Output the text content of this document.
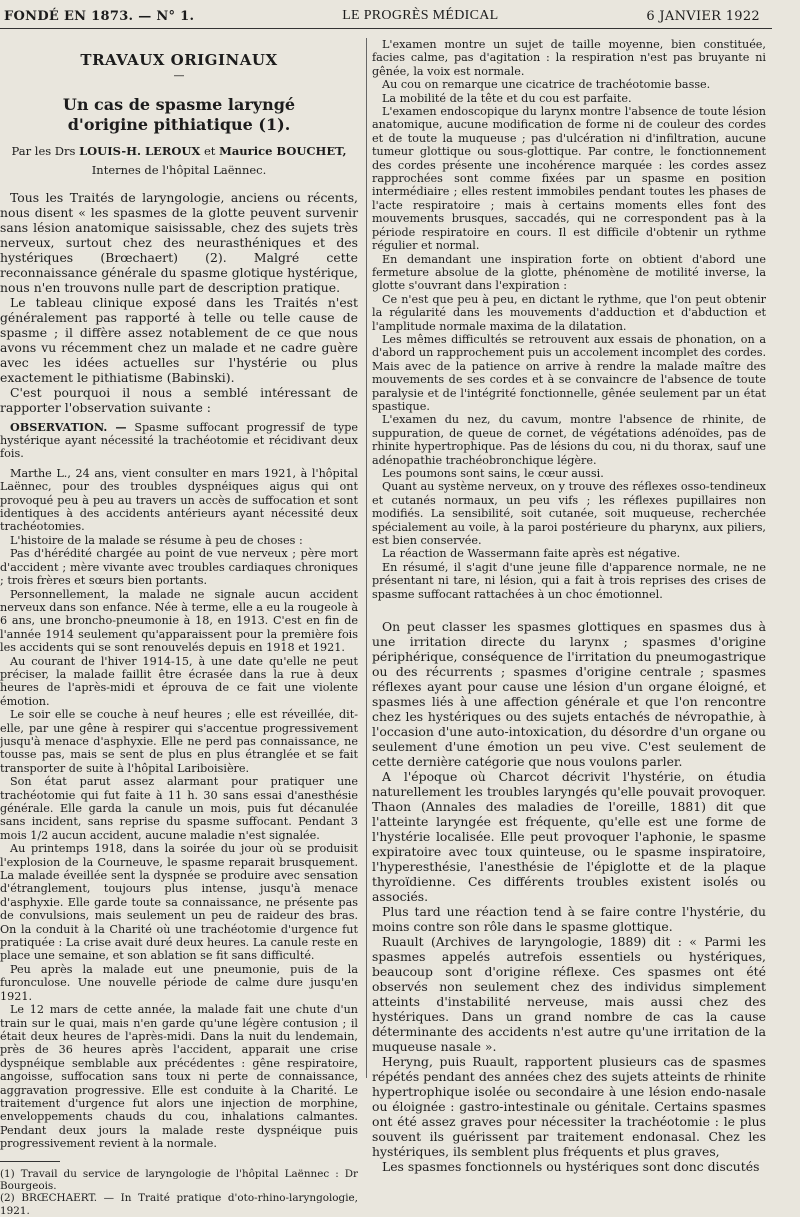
FONDÉ EN 1873. — N° 1.	LE PROGRÈS MÉDICAL	6 JANVIER 1922
TRAVAUX ORIGINAUX
—
Un cas de spasme laryngé
d'origine pithiatique (1).
Par les Drs LOUIS-H. LEROUX et Maurice BOUCHET,
Internes de l'hôpital Laënnec.

Tous les Traités de laryngologie, anciens ou récents, nous disent « les spasmes de la glotte peuvent survenir sans lésion anatomique saisissable, chez des sujets très nerveux, surtout chez des neurasthéniques et des hystériques (Brœchaert) (2). Malgré cette reconnaissance générale du spasme glotique hystérique, nous n'en trouvons nulle part de description pratique.

Le tableau clinique exposé dans les Traités n'est généralement pas rapporté à telle ou telle cause de spasme ; il diffère assez notablement de ce que nous avons vu récemment chez un malade et ne cadre guère avec les idées actuelles sur l'hystérie ou plus exactement le pithiatisme (Babinski).

C'est pourquoi il nous a semblé intéressant de rapporter l'observation suivante :

OBSERVATION. — Spasme suffocant progressif de type hystérique ayant nécessité la trachéotomie et récidivant deux fois.

Marthe L., 24 ans, vient consulter en mars 1921, à l'hôpital Laënnec, pour des troubles dyspnéiques aigus qui ont provoqué peu à peu au travers un accès de suffocation et sont identiques à des accidents antérieurs ayant nécessité deux trachéotomies.

L'histoire de la malade se résume à peu de choses :

Pas d'hérédité chargée au point de vue nerveux ; père mort d'accident ; mère vivante avec troubles cardiaques chroniques ; trois frères et sœurs bien portants.

Personnellement, la malade ne signale aucun accident nerveux dans son enfance. Née à terme, elle a eu la rougeole à 6 ans, une broncho-pneumonie à 18, en 1913. C'est en fin de l'année 1914 seulement qu'apparaissent pour la première fois les accidents qui se sont renouvelés depuis en 1918 et 1921.

Au courant de l'hiver 1914-15, à une date qu'elle ne peut préciser, la malade faillit être écrasée dans la rue à deux heures de l'après-midi et éprouva de ce fait une violente émotion.

Le soir elle se couche à neuf heures ; elle est réveillée, dit-elle, par une gêne à respirer qui s'accentue progressivement jusqu'à menace d'asphyxie. Elle ne perd pas connaissance, ne tousse pas, mais se sent de plus en plus étranglée et se fait transporter de suite à l'hôpital Lariboisière.

Son état parut assez alarmant pour pratiquer une trachéotomie qui fut faite à 11 h. 30 sans essai d'anesthésie générale. Elle garda la canule un mois, puis fut décanulée sans incident, sans reprise du spasme suffocant. Pendant 3 mois 1/2 aucun accident, aucune maladie n'est signalée.

Au printemps 1918, dans la soirée du jour où se produisit l'explosion de la Courneuve, le spasme reparait brusquement. La malade éveillée sent la dyspnée se produire avec sensation d'étranglement, toujours plus intense, jusqu'à menace d'asphyxie. Elle garde toute sa connaissance, ne présente pas de convulsions, mais seulement un peu de raideur des bras. On la conduit à la Charité où une trachéotomie d'urgence fut pratiquée : La crise avait duré deux heures. La canule reste en place une semaine, et son ablation se fit sans difficulté.

Peu après la malade eut une pneumonie, puis de la furonculose. Une nouvelle période de calme dure jusqu'en 1921.

Le 12 mars de cette année, la malade fait une chute d'un train sur le quai, mais n'en garde qu'une légère contusion ; il était deux heures de l'après-midi. Dans la nuit du lendemain, près de 36 heures après l'accident, apparait une crise dyspnéique semblable aux précédentes : gêne respiratoire, angoisse, suffocation sans toux ni perte de connaissance, aggravation progressive. Elle est conduite à la Charité. Le traitement d'urgence fut alors une injection de morphine, enveloppements chauds du cou, inhalations calmantes. Pendant deux jours la malade reste dyspnéique puis progressivement revient à la normale.

(1) Travail du service de laryngologie de l'hôpital Laënnec : Dr Bourgeois.

(2) BRŒCHAERT. — In Traité pratique d'oto-rhino-laryngologie, 1921.

L'examen montre un sujet de taille moyenne, bien constituée, facies calme, pas d'agitation : la respiration n'est pas bruyante ni gênée, la voix est normale.

Au cou on remarque une cicatrice de trachéotomie basse.

La mobilité de la tête et du cou est parfaite.

L'examen endoscopique du larynx montre l'absence de toute lésion anatomique, aucune modification de forme ni de couleur des cordes et de toute la muqueuse ; pas d'ulcération ni d'infiltration, aucune tumeur glottique ou sous-glottique. Par contre, le fonctionnement des cordes présente une incohérence marquée : les cordes assez rapprochées sont comme fixées par un spasme en position intermédiaire ; elles restent immobiles pendant toutes les phases de l'acte respiratoire ; mais à certains moments elles font des mouvements brusques, saccadés, qui ne correspondent pas à la période respiratoire en cours. Il est difficile d'obtenir un rythme régulier et normal.

En demandant une inspiration forte on obtient d'abord une fermeture absolue de la glotte, phénomène de motilité inverse, la glotte s'ouvrant dans l'expiration :

Ce n'est que peu à peu, en dictant le rythme, que l'on peut obtenir la régularité dans les mouvements d'adduction et d'abduction et l'amplitude normale maxima de la dilatation.

Les mêmes difficultés se retrouvent aux essais de phonation, on a d'abord un rapprochement puis un accolement incomplet des cordes. Mais avec de la patience on arrive à rendre la malade maître des mouvements de ses cordes et à se convaincre de l'absence de toute paralysie et de l'intégrité fonctionnelle, gênée seulement par un état spastique.

L'examen du nez, du cavum, montre l'absence de rhinite, de suppuration, de queue de cornet, de végétations adénoïdes, pas de rhinite hypertrophique. Pas de lésions du cou, ni du thorax, sauf une adénopathie trachéobronchique légère.

Les poumons sont sains, le cœur aussi.

Quant au système nerveux, on y trouve des réflexes osso-tendineux et cutanés normaux, un peu vifs ; les réflexes pupillaires non modifiés. La sensibilité, soit cutanée, soit muqueuse, recherchée spécialement au voile, à la paroi postérieure du pharynx, aux piliers, est bien conservée.

La réaction de Wassermann faite après est négative.

En résumé, il s'agit d'une jeune fille d'apparence normale, ne ne présentant ni tare, ni lésion, qui a fait à trois reprises des crises de spasme suffocant rattachées à un choc émotionnel.

On peut classer les spasmes glottiques en spasmes dus à une irritation directe du larynx ; spasmes d'origine périphérique, conséquence de l'irritation du pneumogastrique ou des récurrents ; spasmes d'origine centrale ; spasmes réflexes ayant pour cause une lésion d'un organe éloigné, et spasmes liés à une affection générale et que l'on rencontre chez les hystériques ou des sujets entachés de névropathie, à l'occasion d'une auto-intoxication, du désordre d'un organe ou seulement d'une émotion un peu vive. C'est seulement de cette dernière catégorie que nous voulons parler.

A l'époque où Charcot décrivit l'hystérie, on étudia naturellement les troubles laryngés qu'elle pouvait provoquer. Thaon (Annales des maladies de l'oreille, 1881) dit que l'atteinte laryngée est fréquente, qu'elle est une forme de l'hystérie localisée. Elle peut provoquer l'aphonie, le spasme expiratoire avec toux quinteuse, ou le spasme inspiratoire, l'hyperesthésie, l'anesthésie de l'épiglotte et de la plaque thyroïdienne. Ces différents troubles existent isolés ou associés.

Plus tard une réaction tend à se faire contre l'hystérie, du moins contre son rôle dans le spasme glottique.

Ruault (Archives de laryngologie, 1889) dit : « Parmi les spasmes appelés autrefois essentiels ou hystériques, beaucoup sont d'origine réflexe. Ces spasmes ont été observés non seulement chez des individus simplement atteints d'instabilité nerveuse, mais aussi chez des hystériques. Dans un grand nombre de cas la cause déterminante des accidents n'est autre qu'une irritation de la muqueuse nasale ».

Heryng, puis Ruault, rapportent plusieurs cas de spasmes répétés pendant des années chez des sujets atteints de rhinite hypertrophique isolée ou secondaire à une lésion endo-nasale ou éloignée : gastro-intestinale ou génitale. Certains spasmes ont été assez graves pour nécessiter la trachéotomie : le plus souvent ils guérissent par traitement endonasal. Chez les hystériques, ils semblent plus fréquents et plus graves,

Les spasmes fonctionnels ou hystériques sont donc discutés
